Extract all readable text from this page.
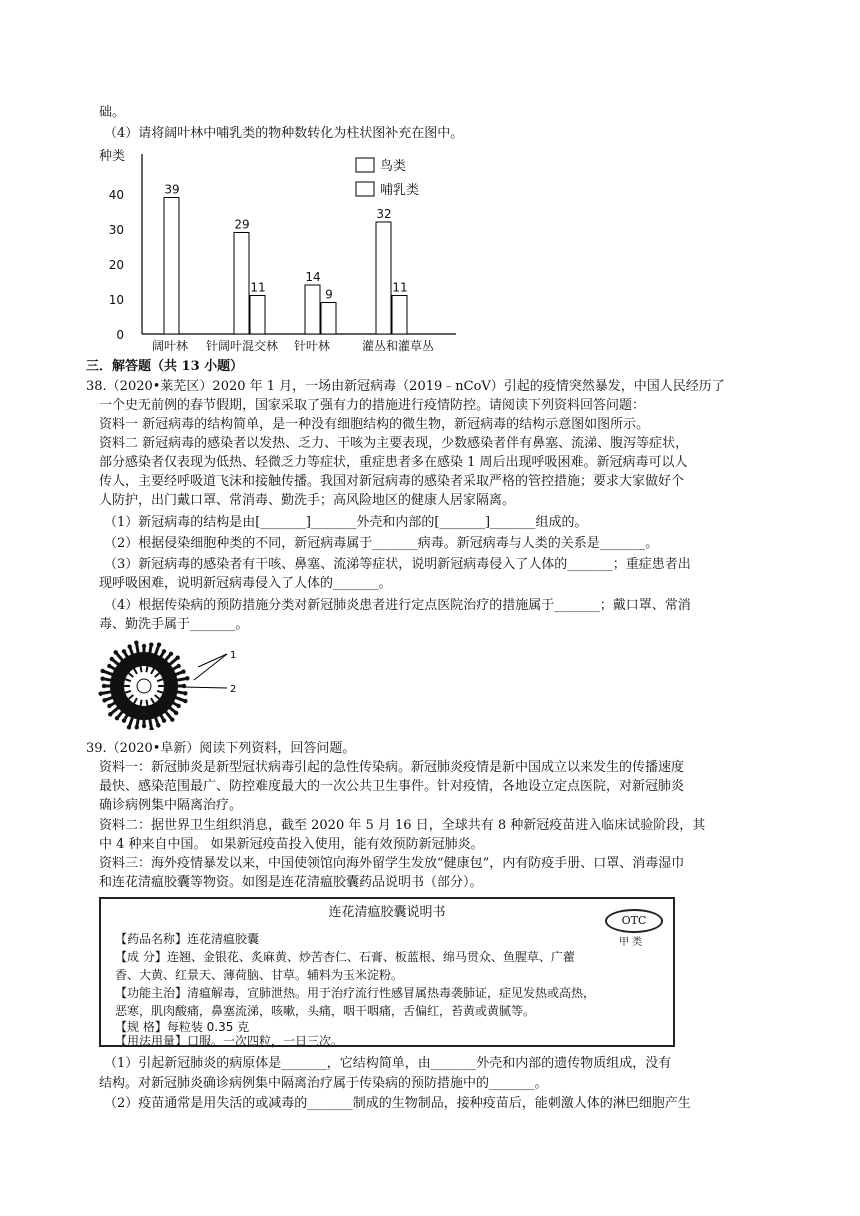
础。
（4）请将阔叶林中哺乳类的物种数转化为柱状图补充在图中。
种类
0
10
20
30
40
阔叶林
39
针阔叶混交林
29
11
针叶林
14
9
灌丛和灌草丛
32
11
鸟类
哺乳类
三．解答题（共 13 小题）
38.（2020•莱芜区）2020 年 1 月，一场由新冠病毒（2019﹣nCoV）引起的疫情突然暴发，中国人民经历了
一个史无前例的春节假期，国家采取了强有力的措施进行疫情防控。请阅读下列资料回答问题：
资料一 新冠病毒的结构简单，是一种没有细胞结构的微生物，新冠病毒的结构示意图如图所示。
资料二 新冠病毒的感染者以发热、乏力、干咳为主要表现，少数感染者伴有鼻塞、流涕、腹泻等症状，
部分感染者仅表现为低热、轻微乏力等症状，重症患者多在感染 1 周后出现呼吸困难。新冠病毒可以人
传人，主要经呼吸道飞沫和接触传播。我国对新冠病毒的感染者采取严格的管控措施；要求大家做好个
人防护，出门戴口罩、常消毒、勤洗手；高风险地区的健康人居家隔离。
（1）新冠病毒的结构是由[_______]_______外壳和内部的[_______]_______组成的。
（2）根据侵染细胞种类的不同，新冠病毒属于_______病毒。新冠病毒与人类的关系是_______。
（3）新冠病毒的感染者有干咳、鼻塞、流涕等症状，说明新冠病毒侵入了人体的_______；重症患者出
现呼吸困难，说明新冠病毒侵入了人体的_______。
（4）根据传染病的预防措施分类对新冠肺炎患者进行定点医院治疗的措施属于_______；戴口罩、常消
毒、勤洗手属于_______。
1
2
39.（2020•阜新）阅读下列资料，回答问题。
资料一：新冠肺炎是新型冠状病毒引起的急性传染病。新冠肺炎疫情是新中国成立以来发生的传播速度
最快、感染范围最广、防控难度最大的一次公共卫生事件。针对疫情，各地设立定点医院，对新冠肺炎
确诊病例集中隔离治疗。
资料二：据世界卫生组织消息，截至 2020 年 5 月 16 日，全球共有 8 种新冠疫苗进入临床试验阶段，其
中 4 种来自中国。 如果新冠疫苗投入使用，能有效预防新冠肺炎。
资料三：海外疫情暴发以来，中国使领馆向海外留学生发放“健康包”，内有防疫手册、口罩、消毒湿巾
和连花清瘟胶囊等物资。如图是连花清瘟胶囊药品说明书（部分）。
连花清瘟胶囊说明书
OTC
甲 类
【药品名称】连花清瘟胶囊
【成 分】连翘、金银花、炙麻黄、炒苦杏仁、石膏、板蓝根、绵马贯众、鱼腥草、广藿
香、大黄、红景天、薄荷脑、甘草。辅料为玉米淀粉。
【功能主治】清瘟解毒，宣肺泄热。用于治疗流行性感冒属热毒袭肺证，症见发热或高热，
恶寒，肌肉酸痛，鼻塞流涕，咳嗽，头痛，咽干咽痛，舌偏红，苔黄或黄腻等。
【规 格】每粒装 0.35 克
【用法用量】口服。一次四粒，一日三次。
（1）引起新冠肺炎的病原体是_______，它结构简单，由_______外壳和内部的遗传物质组成，没有
结构。对新冠肺炎确诊病例集中隔离治疗属于传染病的预防措施中的_______。
（2）疫苗通常是用失活的或减毒的_______制成的生物制品，接种疫苗后，能刺激人体的淋巴细胞产生
